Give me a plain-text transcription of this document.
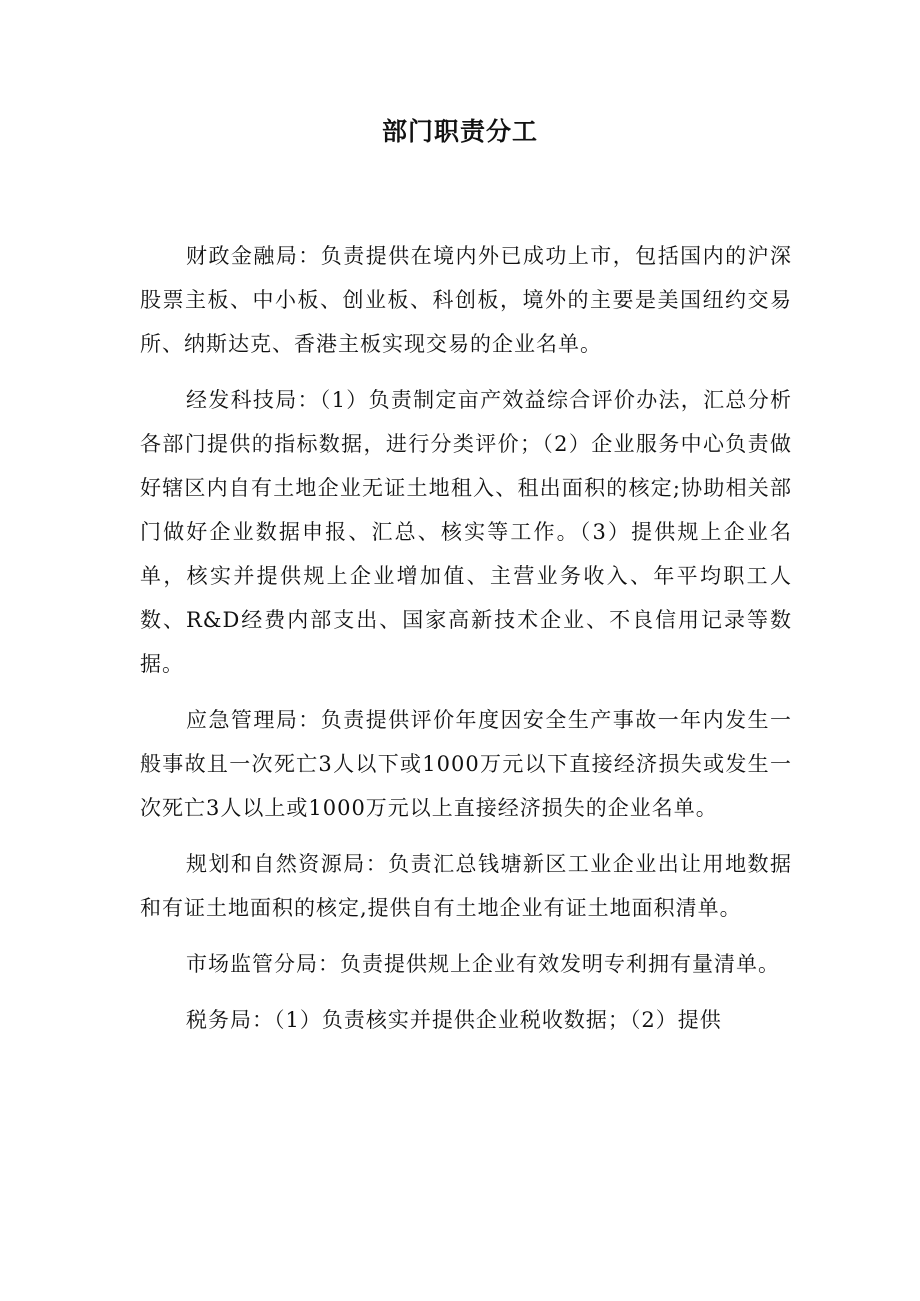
部门职责分工

财政金融局：负责提供在境内外已成功上市，包括国内的沪深股票主板、中小板、创业板、科创板，境外的主要是美国纽约交易所、纳斯达克、香港主板实现交易的企业名单。

经发科技局：（1）负责制定亩产效益综合评价办法，汇总分析各部门提供的指标数据，进行分类评价；（2）企业服务中心负责做好辖区内自有土地企业无证土地租入、租出面积的核定;协助相关部门做好企业数据申报、汇总、核实等工作。（3）提供规上企业名单，核实并提供规上企业增加值、主营业务收入、年平均职工人数、R&D经费内部支出、国家高新技术企业、不良信用记录等数据。

应急管理局：负责提供评价年度因安全生产事故一年内发生一般事故且一次死亡3人以下或1000万元以下直接经济损失或发生一次死亡3人以上或1000万元以上直接经济损失的企业名单。

规划和自然资源局：负责汇总钱塘新区工业企业出让用地数据和有证土地面积的核定,提供自有土地企业有证土地面积清单。

市场监管分局：负责提供规上企业有效发明专利拥有量清单。

税务局：（1）负责核实并提供企业税收数据；（2）提供
